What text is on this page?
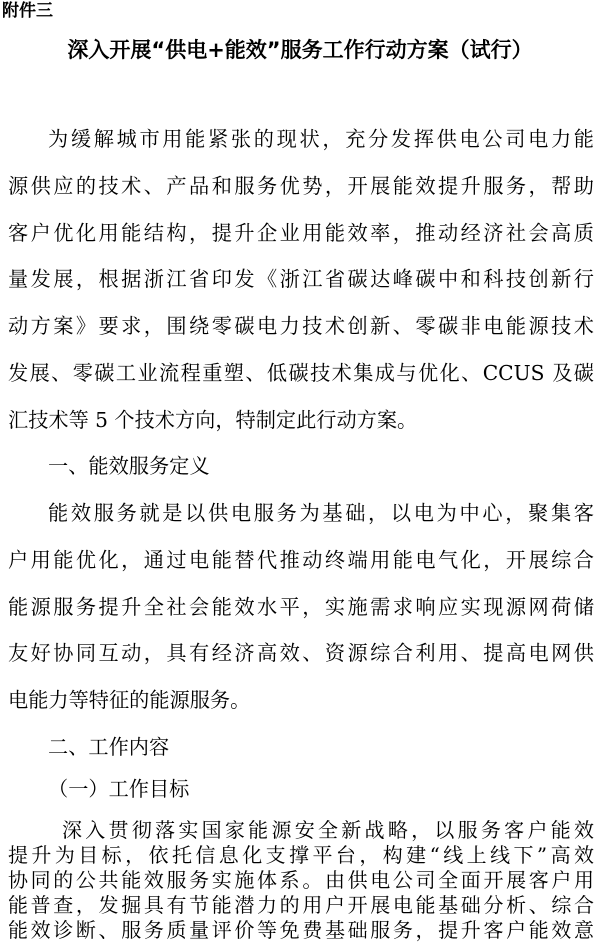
附件三
深入开展“供电+能效”服务工作行动方案（试行）
为缓解城市用能紧张的现状，充分发挥供电公司电力能
源供应的技术、产品和服务优势，开展能效提升服务，帮助
客户优化用能结构，提升企业用能效率，推动经济社会高质
量发展，根据浙江省印发《浙江省碳达峰碳中和科技创新行
动方案》要求，围绕零碳电力技术创新、零碳非电能源技术
发展、零碳工业流程重塑、低碳技术集成与优化、CCUS 及碳
汇技术等 5 个技术方向，特制定此行动方案。
一、能效服务定义
能效服务就是以供电服务为基础，以电为中心，聚集客
户用能优化，通过电能替代推动终端用能电气化，开展综合
能源服务提升全社会能效水平，实施需求响应实现源网荷储
友好协同互动，具有经济高效、资源综合利用、提高电网供
电能力等特征的能源服务。
二、工作内容
（一）工作目标
深入贯彻落实国家能源安全新战略，以服务客户能效
提升为目标，依托信息化支撑平台，构建“线上线下”高效
协同的公共能效服务实施体系。由供电公司全面开展客户用
能普查，发掘具有节能潜力的用户开展电能基础分析、综合
能效诊断、服务质量评价等免费基础服务，提升客户能效意
